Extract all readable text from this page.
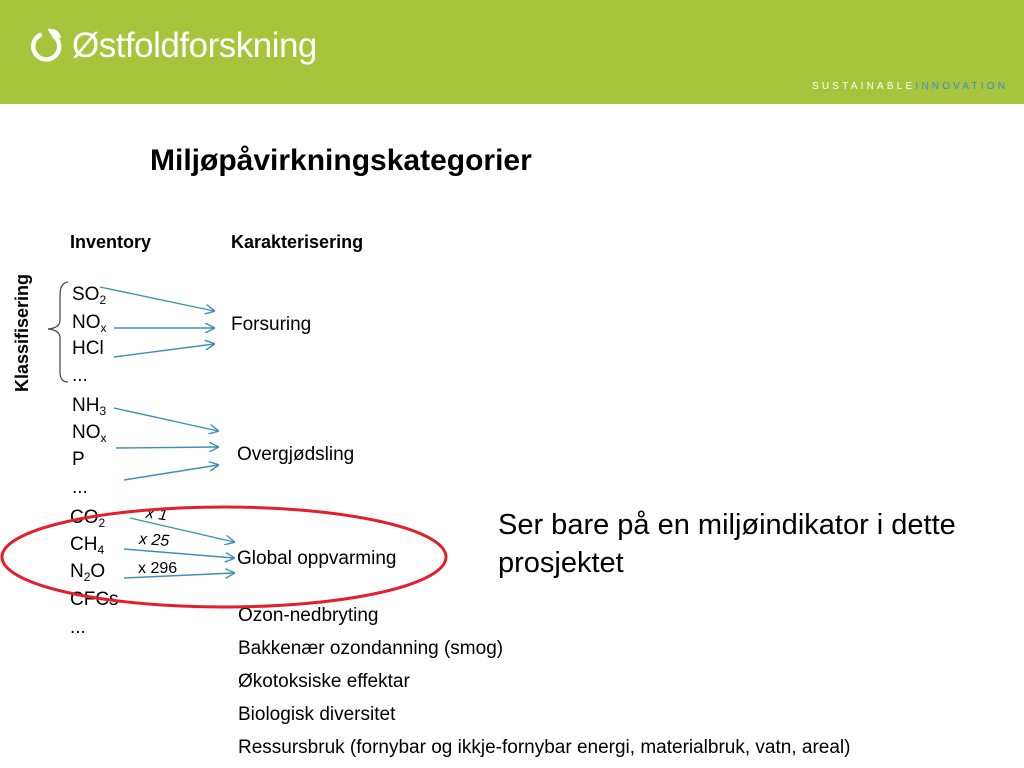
Østfoldforskning
SUSTAINABLEINNOVATION
Miljøpåvirkningskategorier
Inventory	Karakterisering
Klassifisering $SO_2$
$NO_x$
HCl
...
Forsuring
$NH_3$
$NO_x$
P
...
Overgjødsling
$CO_2$
$CH_4$
$N_2O$
CFCs
...
Global oppvarming
x 1
x 25
x 296
Ser bare på en miljøindikator i dette prosjektet
Ozon-nedbryting
Bakkenær ozondanning (smog)
Økotoksiske effektar
Biologisk diversitet
Ressursbruk (fornybar og ikkje-fornybar energi, materialbruk, vatn, areal)
